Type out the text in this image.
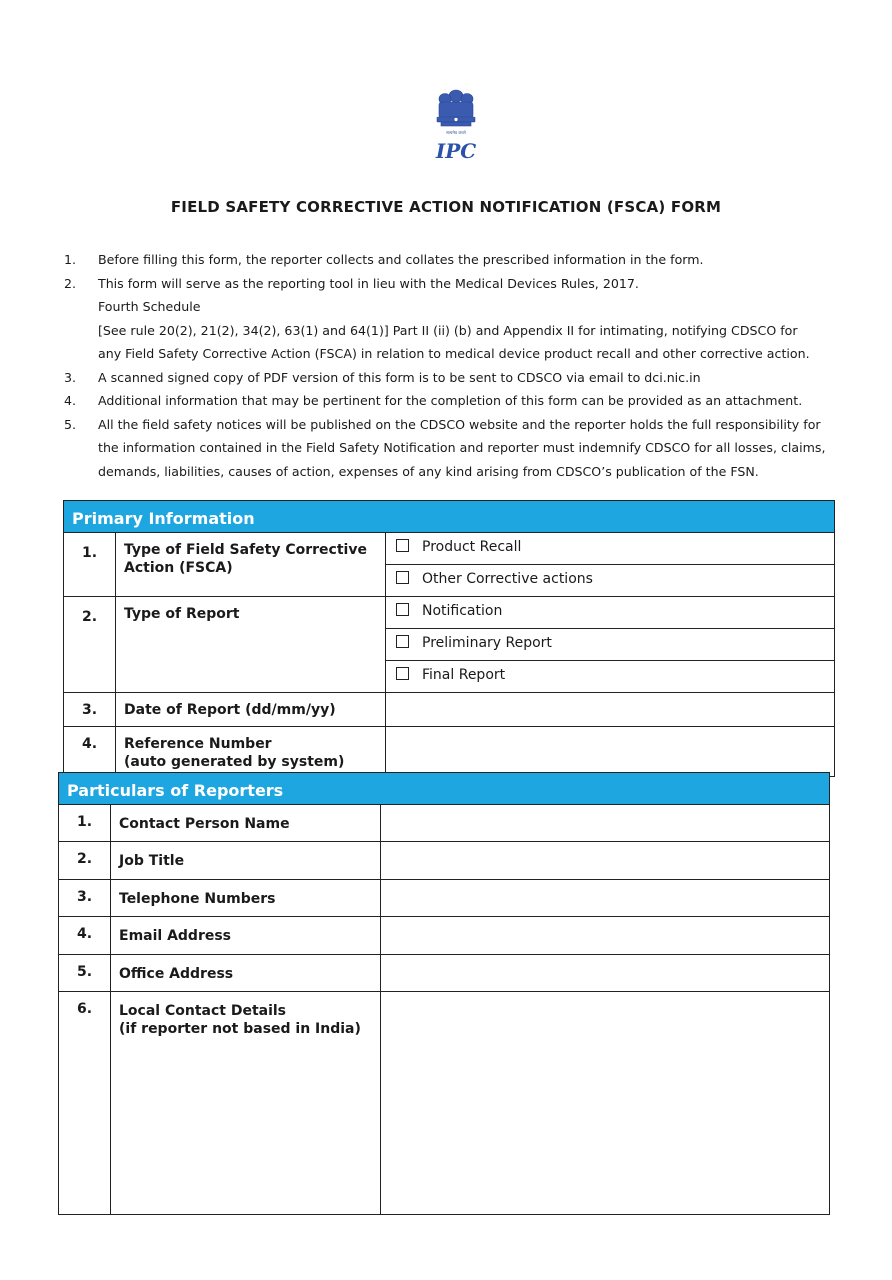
सत्यमेव जयते
IPC
FIELD SAFETY CORRECTIVE ACTION NOTIFICATION (FSCA) FORM
1.	Before filling this form, the reporter collects and collates the prescribed information in the form.
2.	This form will serve as the reporting tool in lieu with the Medical Devices Rules, 2017.
Fourth Schedule
[See rule 20(2), 21(2), 34(2), 63(1) and 64(1)] Part II (ii) (b) and Appendix II for intimating, notifying CDSCO for
any Field Safety Corrective Action (FSCA) in relation to medical device product recall and other corrective action.
3.	A scanned signed copy of PDF version of this form is to be sent to CDSCO via email to dci.nic.in
4.	Additional information that may be pertinent for the completion of this form can be provided as an attachment.
5.	All the field safety notices will be published on the CDSCO website and the reporter holds the full responsibility for
the information contained in the Field Safety Notification and reporter must indemnify CDSCO for all losses, claims,
demands, liabilities, causes of action, expenses of any kind arising from CDSCO’s publication of the FSN.
Primary Information		
1.	Type of Field Safety Corrective
Action (FSCA)	Product Recall
		Other Corrective actions
2.	Type of Report	Notification
		Preliminary Report
		Final Report
3.	Date of Report (dd/mm/yy)	

4.	Reference Number
(auto generated by system)	

Particulars of Reporters		
1.	Contact Person Name	
2.	Job Title	
3.	Telephone Numbers	
4.	Email Address	
5.	Office Address	
6.	Local Contact Details
(if reporter not based in India)	
